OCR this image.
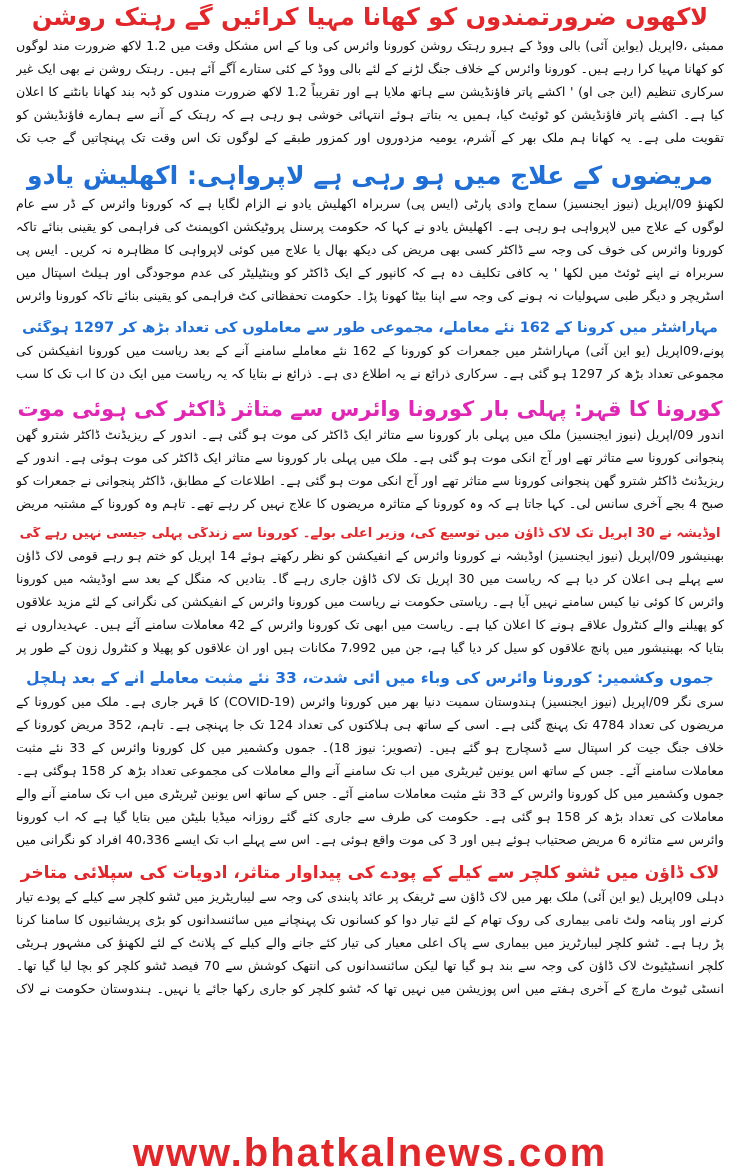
لاکھوں ضرورتمندوں کو کھانا مہیا کرائیں گے رہتک روشن

ممبئی ،9اپریل (یواین آئی) بالی ووڈ کے ہیرو رہتک روشن کورونا وائرس کی وبا کے اس مشکل وقت میں 1.2 لاکھ ضرورت مند لوگوں کو کھانا مہیا کرا رہے ہیں۔ کورونا وائرس کے خلاف جنگ لڑنے کے لئے بالی ووڈ کے کئی ستارے آگے آئے ہیں۔ رہتک روشن نے بھی ایک غیر سرکاری تنظیم (این جی او) ' اکشے پاتر فاؤنڈیشن سے ہاتھ ملایا ہے اور تقریباً 1.2 لاکھ ضرورت مندوں کو ڈبہ بند کھانا بانٹنے کا اعلان کیا ہے۔ اکشے پاتر فاؤنڈیشن کو ٹوئیٹ کیا، ہمیں یہ بتاتے ہوئے انتہائی خوشی ہو رہی ہے کہ رہتک کے آنے سے ہمارے فاؤنڈیشن کو تقویت ملی ہے۔ یہ کھانا ہم ملک بھر کے آشرم، یومیہ مزدوروں اور کمزور طبقے کے لوگوں تک اس وقت تک پہنچاتیں گے جب تک

مریضوں کے علاج میں ہو رہی ہے لاپرواہی: اکھلیش یادو

لکھنؤ 09/اپریل (نیوز ایجنسیز) سماج وادی پارٹی (ایس پی) سربراہ اکھلیش یادو نے الزام لگایا ہے کہ کورونا وائرس کے ڈر سے عام لوگوں کے علاج میں لاپرواہی ہو رہی ہے۔ اکھلیش یادو نے کہا کہ حکومت پرسنل پروٹیکشن اکوپمنٹ کی فراہمی کو یقینی بنائے تاکہ کورونا وائرس کی خوف کی وجہ سے ڈاکٹر کسی بھی مریض کی دیکھ بھال یا علاج میں کوئی لاپرواہی کا مظاہرہ نہ کریں۔ ایس پی سربراہ نے اپنے ٹوئٹ میں لکھا ' یہ کافی تکلیف دہ ہے کہ کانپور کے ایک ڈاکٹر کو وینٹیلیٹر کی عدم موجودگی اور ہیلٹ اسپتال میں اسٹریچر و دیگر طبی سہولیات نہ ہونے کی وجہ سے اپنا بیٹا کھونا پڑا۔ حکومت تحفظاتی کٹ فراہمی کو یقینی بنائے تاکہ کورونا وائرس

مہاراشٹر میں کرونا کے 162 نئے معاملے، مجموعی طور سے معاملوں کی تعداد بڑھ کر 1297 ہوگئی

پونے،09اپریل (یو این آئی) مہاراشٹر میں جمعرات کو کورونا کے 162 نئے معاملے سامنے آنے کے بعد ریاست میں کورونا انفیکشن کی مجموعی تعداد بڑھ کر 1297 ہو گئی ہے۔ سرکاری ذرائع نے یہ اطلاع دی ہے۔ ذرائع نے بتایا کہ یہ ریاست میں ایک دن کا اب تک کا سب

کورونا کا قہر: پہلی بار کورونا وائرس سے متاثر ڈاکٹر کی ہوئی موت

اندور 09/اپریل (نیوز ایجنسیز) ملک میں پہلی بار کورونا سے متاثر ایک ڈاکٹر کی موت ہو گئی ہے۔ اندور کے ریزیڈنٹ ڈاکٹر شترو گھن پنجوانی کورونا سے متاثر تھے اور آج انکی موت ہو گئی ہے۔ ملک میں پہلی بار کورونا سے متاثر ایک ڈاکٹر کی موت ہوئی ہے۔ اندور کے ریزیڈنٹ ڈاکٹر شترو گھن پنجوانی کورونا سے متاثر تھے اور آج انکی موت ہو گئی ہے۔ اطلاعات کے مطابق، ڈاکٹر پنجوانی نے جمعرات کو صبح 4 بجے آخری سانس لی۔ کہا جاتا ہے کہ وہ کورونا کے متاثرہ مریضوں کا علاج نہیں کر رہے تھے۔ تاہم وہ کورونا کے مشتبہ مریض

اوڈیشہ نے 30 اپریل تک لاک ڈاؤن میں توسیع کی، وزیر اعلی بولے۔ کورونا سے زندگی پہلی جیسی نہیں رہے گی

بھبنیشور 09/اپریل (نیوز ایجنسیز) اوڈیشہ نے کورونا وائرس کے انفیکشن کو نظر رکھتے ہوئے 14 اپریل کو ختم ہو رہے قومی لاک ڈاؤن سے پہلے ہی اعلان کر دیا ہے کہ ریاست میں 30 اپریل تک لاک ڈاؤن جاری رہے گا۔ بتادیں کہ منگل کے بعد سے اوڈیشہ میں کورونا وائرس کا کوئی نیا کیس سامنے نہیں آیا ہے۔ ریاستی حکومت نے ریاست میں کورونا وائرس کے انفیکشن کی نگرانی کے لئے مزید علاقوں کو پھیلنے والے کنٹرول علاقے ہونے کا اعلان کیا ہے۔ ریاست میں ابھی تک کورونا وائرس کے 42 معاملات سامنے آئے ہیں۔ عہدیداروں نے بتایا کہ بھبنیشور میں پانچ علاقوں کو سیل کر دیا گیا ہے، جن میں 7،992 مکانات ہیں اور ان علاقوں کو پھیلا و کنٹرول زون کے طور پر

جموں وکشمیر: کورونا وائرس کی وباء میں آئی شدت، 33 نئے مثبت معاملے آنے کے بعد ہلچل

سری نگر 09/اپریل (نیوز ایجنسیز) ہندوستان سمیت دنیا بھر میں کورونا وائرس (COVID-19) کا قہر جاری ہے۔ ملک میں کورونا کے مریضوں کی تعداد 4784 تک پہنچ گئی ہے۔ اسی کے ساتھ ہی ہلاکتوں کی تعداد 124 تک جا پہنچی ہے۔ تاہم، 352 مریض کورونا کے خلاف جنگ جیت کر اسپتال سے ڈسچارج ہو گئے ہیں۔ (تصویر: نیوز 18)۔ جموں وکشمیر میں کل کورونا وائرس کے 33 نئے مثبت معاملات سامنے آئے۔ جس کے ساتھ اس یونین ٹیریٹری میں اب تک سامنے آنے والے معاملات کی مجموعی تعداد بڑھ کر 158 ہوگئی ہے۔ جموں وکشمیر میں کل کورونا وائرس کے 33 نئے مثبت معاملات سامنے آئے۔ جس کے ساتھ اس یونین ٹیریٹری میں اب تک سامنے آنے والے معاملات کی تعداد بڑھ کر 158 ہو گئی ہے۔ حکومت کی طرف سے جاری کئے گئے روزانہ میڈیا بلیٹن میں بتایا گیا ہے کہ اب کورونا وائرس سے متاثرہ 6 مریض صحتیاب ہوئے ہیں اور 3 کی موت واقع ہوئی ہے۔ اس سے پہلے اب تک ایسے 40،336 افراد کو نگرانی میں

لاک ڈاؤن میں ٹشو کلچر سے کیلے کے پودے کی پیداوار متاثر، ادویات کی سپلائی متاخر

دہلی 09اپریل (یو این آئی) ملک بھر میں لاک ڈاؤن سے ٹریفک پر عائد پابندی کی وجہ سے لیباریٹریز میں ٹشو کلچر سے کیلے کے پودے تیار کرنے اور پنامہ ولٹ نامی بیماری کی روک تھام کے لئے تیار دوا کو کسانوں تک پہنچانے میں سائنسدانوں کو بڑی پریشانیوں کا سامنا کرنا پڑ رہا ہے۔ ٹشو کلچر لیبارٹریز میں بیماری سے پاک اعلی معیار کی تیار کئے جانے والے کیلے کے پلانٹ کے لئے لکھنؤ کی مشہور ہریٹی کلچر انسٹیٹیوٹ لاک ڈاؤن کی وجہ سے بند ہو گیا تھا لیکن سائنسدانوں کی انتھک کوشش سے 70 فیصد ٹشو کلچر کو بچا لیا گیا تھا۔ انسٹی ٹیوٹ مارچ کے آخری ہفتے میں اس پوزیشن میں نہیں تھا کہ ٹشو کلچر کو جاری رکھا جائے یا نہیں۔ ہندوستان حکومت نے لاک

www.bhatkalnews.com
